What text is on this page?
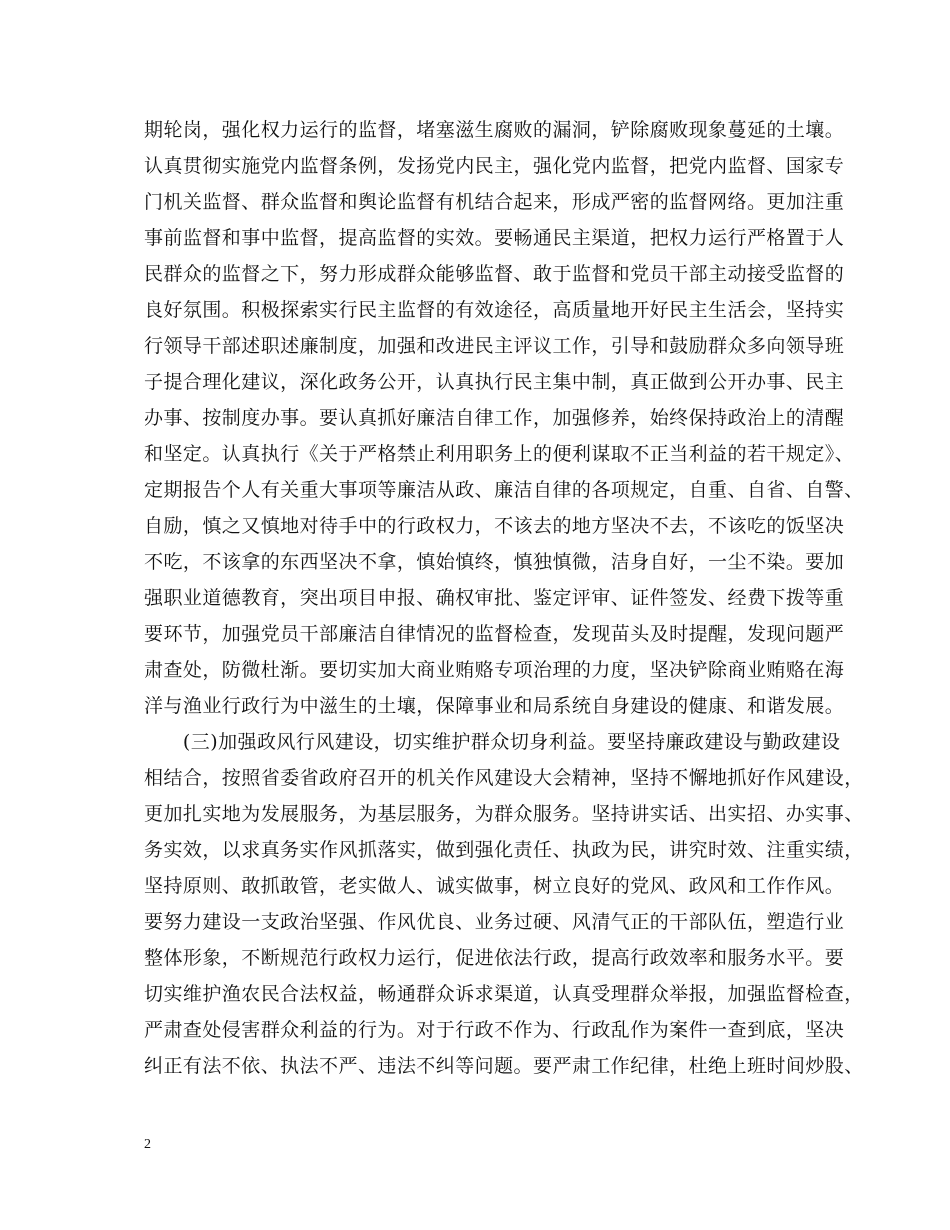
期轮岗，强化权力运行的监督，堵塞滋生腐败的漏洞，铲除腐败现象蔓延的土壤。
认真贯彻实施党内监督条例，发扬党内民主，强化党内监督，把党内监督、国家专
门机关监督、群众监督和舆论监督有机结合起来，形成严密的监督网络。更加注重
事前监督和事中监督，提高监督的实效。要畅通民主渠道，把权力运行严格置于人
民群众的监督之下，努力形成群众能够监督、敢于监督和党员干部主动接受监督的
良好氛围。积极探索实行民主监督的有效途径，高质量地开好民主生活会，坚持实
行领导干部述职述廉制度，加强和改进民主评议工作，引导和鼓励群众多向领导班
子提合理化建议，深化政务公开，认真执行民主集中制，真正做到公开办事、民主
办事、按制度办事。要认真抓好廉洁自律工作，加强修养，始终保持政治上的清醒
和坚定。认真执行《关于严格禁止利用职务上的便利谋取不正当利益的若干规定》、
定期报告个人有关重大事项等廉洁从政、廉洁自律的各项规定，自重、自省、自警、
自励，慎之又慎地对待手中的行政权力，不该去的地方坚决不去，不该吃的饭坚决
不吃，不该拿的东西坚决不拿，慎始慎终，慎独慎微，洁身自好，一尘不染。要加
强职业道德教育，突出项目申报、确权审批、鉴定评审、证件签发、经费下拨等重
要环节，加强党员干部廉洁自律情况的监督检查，发现苗头及时提醒，发现问题严
肃查处，防微杜渐。要切实加大商业贿赂专项治理的力度，坚决铲除商业贿赂在海
洋与渔业行政行为中滋生的土壤，保障事业和局系统自身建设的健康、和谐发展。
　　(三)加强政风行风建设，切实维护群众切身利益。要坚持廉政建设与勤政建设
相结合，按照省委省政府召开的机关作风建设大会精神，坚持不懈地抓好作风建设，
更加扎实地为发展服务，为基层服务，为群众服务。坚持讲实话、出实招、办实事、
务实效，以求真务实作风抓落实，做到强化责任、执政为民，讲究时效、注重实绩，
坚持原则、敢抓敢管，老实做人、诚实做事，树立良好的党风、政风和工作作风。
要努力建设一支政治坚强、作风优良、业务过硬、风清气正的干部队伍，塑造行业
整体形象，不断规范行政权力运行，促进依法行政，提高行政效率和服务水平。要
切实维护渔农民合法权益，畅通群众诉求渠道，认真受理群众举报，加强监督检查，
严肃查处侵害群众利益的行为。对于行政不作为、行政乱作为案件一查到底，坚决
纠正有法不依、执法不严、违法不纠等问题。要严肃工作纪律，杜绝上班时间炒股、
2
